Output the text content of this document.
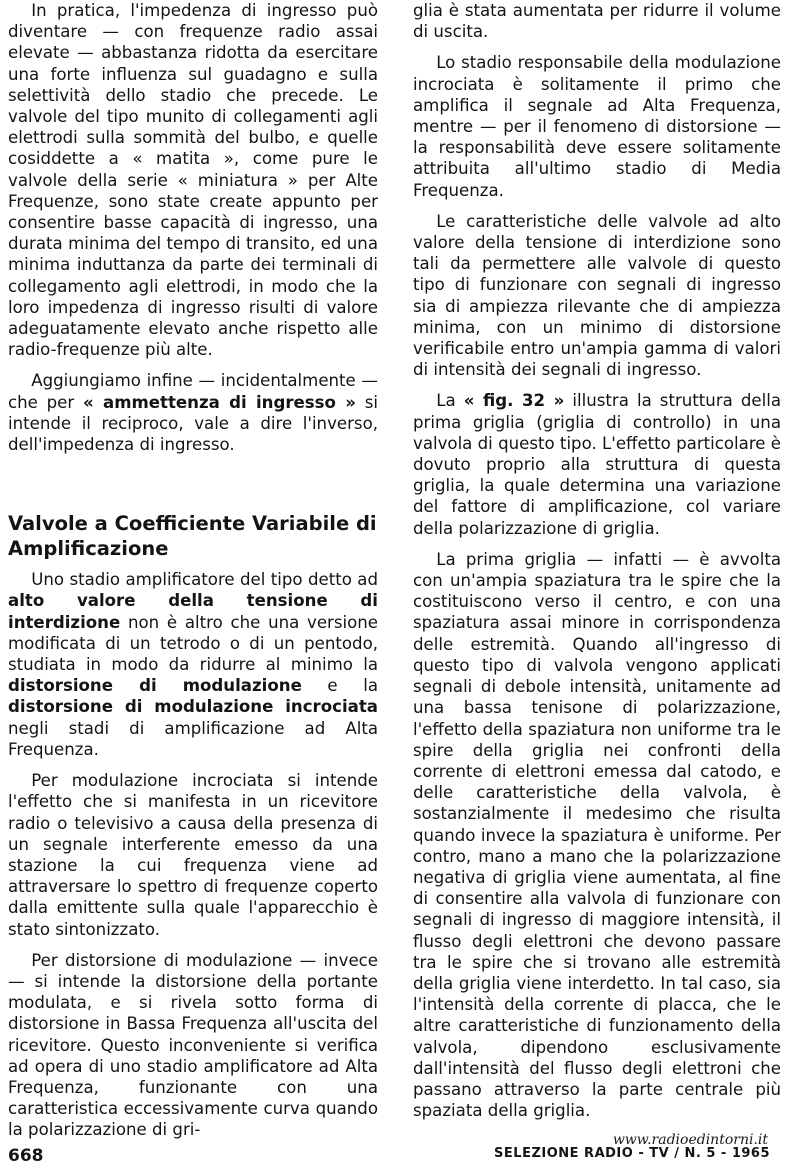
In pratica, l'impedenza di ingresso può diventare — con frequenze radio assai elevate — abbastanza ridotta da esercitare una forte influenza sul guadagno e sulla selettività dello stadio che precede. Le valvole del tipo munito di collegamenti agli elettrodi sulla sommità del bulbo, e quelle cosiddette a « matita », come pure le valvole della serie « miniatura » per Alte Frequenze, sono state create appunto per consentire basse capacità di ingresso, una durata minima del tempo di transito, ed una minima induttanza da parte dei terminali di collegamento agli elettrodi, in modo che la loro impedenza di ingresso risulti di valore adeguatamente elevato anche rispetto alle radio-frequenze più alte.

Aggiungiamo infine — incidentalmente — che per « ammettenza di ingresso » si intende il reciproco, vale a dire l'inverso, dell'impedenza di ingresso.

Valvole a Coefficiente Variabile di Amplificazione

Uno stadio amplificatore del tipo detto ad alto valore della tensione di interdizione non è altro che una versione modificata di un tetrodo o di un pentodo, studiata in modo da ridurre al minimo la distorsione di modulazione e la distorsione di modulazione incrociata negli stadi di amplificazione ad Alta Frequenza.

Per modulazione incrociata si intende l'effetto che si manifesta in un ricevitore radio o televisivo a causa della presenza di un segnale interferente emesso da una stazione la cui frequenza viene ad attraversare lo spettro di frequenze coperto dalla emittente sulla quale l'apparecchio è stato sintonizzato.

Per distorsione di modulazione — invece — si intende la distorsione della portante modulata, e si rivela sotto forma di distorsione in Bassa Frequenza all'uscita del ricevitore. Questo inconveniente si verifica ad opera di uno stadio amplificatore ad Alta Frequenza, funzionante con una caratteristica eccessivamente curva quando la polarizzazione di gri-

glia è stata aumentata per ridurre il volume di uscita.

Lo stadio responsabile della modulazione incrociata è solitamente il primo che amplifica il segnale ad Alta Frequenza, mentre — per il fenomeno di distorsione — la responsabilità deve essere solitamente attribuita all'ultimo stadio di Media Frequenza.

Le caratteristiche delle valvole ad alto valore della tensione di interdizione sono tali da permettere alle valvole di questo tipo di funzionare con segnali di ingresso sia di ampiezza rilevante che di ampiezza minima, con un minimo di distorsione verificabile entro un'ampia gamma di valori di intensità dei segnali di ingresso.

La « fig. 32 » illustra la struttura della prima griglia (griglia di controllo) in una valvola di questo tipo. L'effetto particolare è dovuto proprio alla struttura di questa griglia, la quale determina una variazione del fattore di amplificazione, col variare della polarizzazione di griglia.

La prima griglia — infatti — è avvolta con un'ampia spaziatura tra le spire che la costituiscono verso il centro, e con una spaziatura assai minore in corrispondenza delle estremità. Quando all'ingresso di questo tipo di valvola vengono applicati segnali di debole intensità, unitamente ad una bassa tenisone di polarizzazione, l'effetto della spaziatura non uniforme tra le spire della griglia nei confronti della corrente di elettroni emessa dal catodo, e delle caratteristiche della valvola, è sostanzialmente il medesimo che risulta quando invece la spaziatura è uniforme. Per contro, mano a mano che la polarizzazione negativa di griglia viene aumentata, al fine di consentire alla valvola di funzionare con segnali di ingresso di maggiore intensità, il flusso degli elettroni che devono passare tra le spire che si trovano alle estremità della griglia viene interdetto. In tal caso, sia l'intensità della corrente di placca, che le altre caratteristiche di funzionamento della valvola, dipendono esclusivamente dall'intensità del flusso degli elettroni che passano attraverso la parte centrale più spaziata della griglia.

668
www.radioedintorni.it
SELEZIONE RADIO - TV / N. 5 - 1965
